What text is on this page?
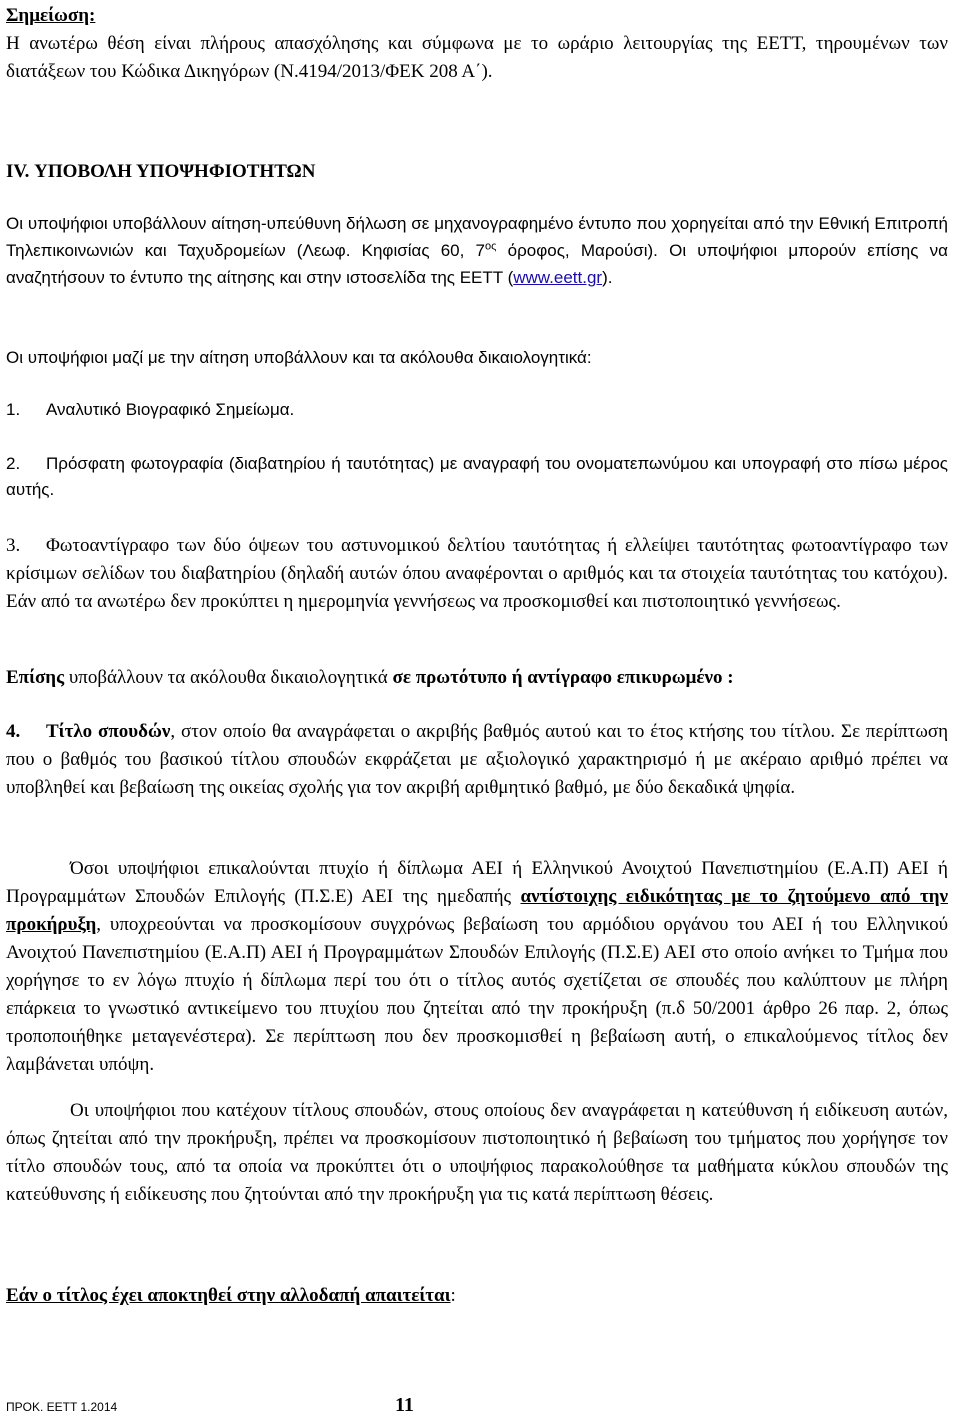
Σημείωση:
Η ανωτέρω θέση είναι πλήρους απασχόλησης και σύμφωνα με το ωράριο λειτουργίας της ΕΕΤΤ, τηρουμένων των διατάξεων του Κώδικα Δικηγόρων (Ν.4194/2013/ΦΕΚ 208 Α΄).
IV. ΥΠΟΒΟΛΗ ΥΠΟΨΗΦΙΟΤΗΤΩΝ
Οι υποψήφιοι υποβάλλουν αίτηση-υπεύθυνη δήλωση σε μηχανογραφημένο έντυπο που χορηγείται από την Εθνική Επιτροπή Τηλεπικοινωνιών και Ταχυδρομείων (Λεωφ. Κηφισίας 60, $7^{o\varsigma}$ όροφος, Μαρούσι). Οι υποψήφιοι μπορούν επίσης να αναζητήσουν το έντυπο της αίτησης και στην ιστοσελίδα της ΕΕΤΤ (www.eett.gr).
Οι υποψήφιοι μαζί με την αίτηση υποβάλλουν και τα ακόλουθα δικαιολογητικά:
1. Αναλυτικό Βιογραφικό Σημείωμα.
2. Πρόσφατη φωτογραφία (διαβατηρίου ή ταυτότητας) με αναγραφή του ονοματεπωνύμου και υπογραφή στο πίσω μέρος αυτής.
3. Φωτοαντίγραφο των δύο όψεων του αστυνομικού δελτίου ταυτότητας ή ελλείψει ταυτότητας φωτοαντίγραφο των κρίσιμων σελίδων του διαβατηρίου (δηλαδή αυτών όπου αναφέρονται ο αριθμός και τα στοιχεία ταυτότητας του κατόχου). Εάν από τα ανωτέρω δεν προκύπτει η ημερομηνία γεννήσεως να προσκομισθεί και πιστοποιητικό γεννήσεως.
Επίσης υποβάλλουν τα ακόλουθα δικαιολογητικά σε πρωτότυπο ή αντίγραφο επικυρωμένο :
4. Τίτλο σπουδών, στον οποίο θα αναγράφεται ο ακριβής βαθμός αυτού και το έτος κτήσης του τίτλου. Σε περίπτωση που ο βαθμός του βασικού τίτλου σπουδών εκφράζεται με αξιολογικό χαρακτηρισμό ή με ακέραιο αριθμό πρέπει να υποβληθεί και βεβαίωση της οικείας σχολής για τον ακριβή αριθμητικό βαθμό, με δύο δεκαδικά ψηφία.
Όσοι υποψήφιοι επικαλούνται πτυχίο ή δίπλωμα ΑΕΙ ή Ελληνικού Ανοιχτού Πανεπιστημίου (Ε.Α.Π) ΑΕΙ ή Προγραμμάτων Σπουδών Επιλογής (Π.Σ.Ε) ΑΕΙ της ημεδαπής αντίστοιχης ειδικότητας με το ζητούμενο από την προκήρυξη, υποχρεούνται να προσκομίσουν συγχρόνως βεβαίωση του αρμόδιου οργάνου του ΑΕΙ ή του Ελληνικού Ανοιχτού Πανεπιστημίου (Ε.Α.Π) ΑΕΙ ή Προγραμμάτων Σπουδών Επιλογής (Π.Σ.Ε) ΑΕΙ στο οποίο ανήκει το Τμήμα που χορήγησε το εν λόγω πτυχίο ή δίπλωμα περί του ότι ο τίτλος αυτός σχετίζεται σε σπουδές που καλύπτουν με πλήρη επάρκεια το γνωστικό αντικείμενο του πτυχίου που ζητείται από την προκήρυξη (π.δ 50/2001 άρθρο 26 παρ. 2, όπως τροποποιήθηκε μεταγενέστερα). Σε περίπτωση που δεν προσκομισθεί η βεβαίωση αυτή, ο επικαλούμενος τίτλος δεν λαμβάνεται υπόψη.
Οι υποψήφιοι που κατέχουν τίτλους σπουδών, στους οποίους δεν αναγράφεται η κατεύθυνση ή ειδίκευση αυτών, όπως ζητείται από την προκήρυξη, πρέπει να προσκομίσουν πιστοποιητικό ή βεβαίωση του τμήματος που χορήγησε τον τίτλο σπουδών τους, από τα οποία να προκύπτει ότι ο υποψήφιος παρακολούθησε τα μαθήματα κύκλου σπουδών της κατεύθυνσης ή ειδίκευσης που ζητούνται από την προκήρυξη για τις κατά περίπτωση θέσεις.
Εάν ο τίτλος έχει αποκτηθεί στην αλλοδαπή απαιτείται:
ΠΡΟΚ. ΕΕΤΤ 1.2014	11
